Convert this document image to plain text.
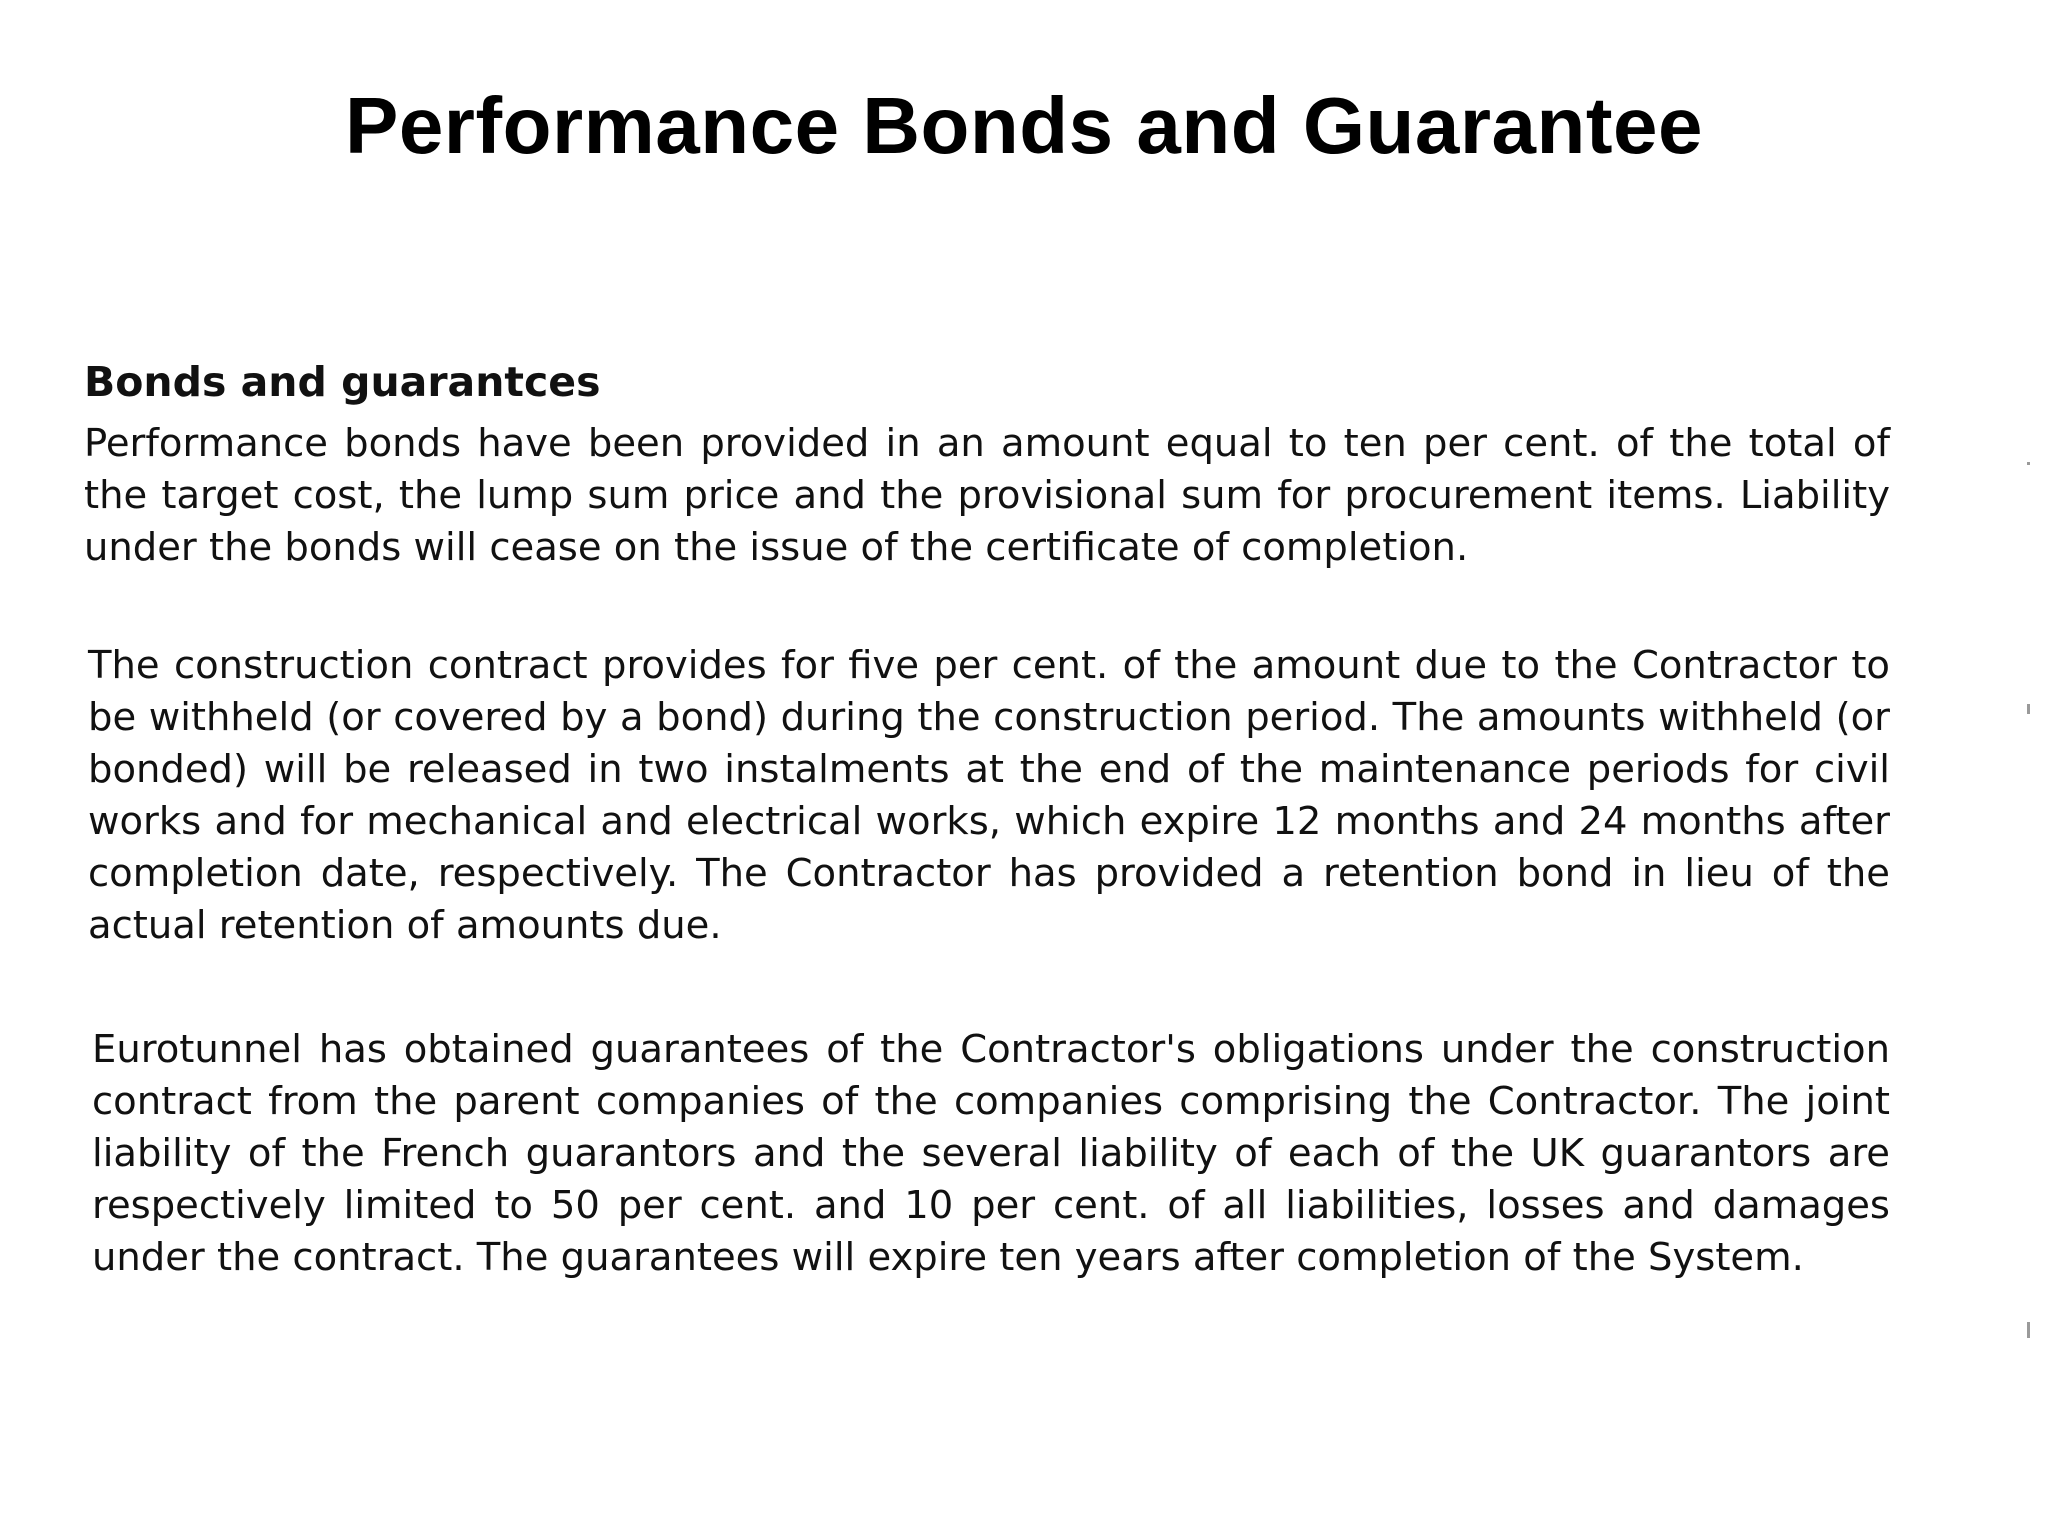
Performance Bonds and Guarantee
Bonds and guarantces

Performance bonds have been provided in an amount equal to ten per cent. of the total of the target cost, the lump sum price and the provisional sum for procurement items. Liability under the bonds will cease on the issue of the certificate of completion.

The construction contract provides for five per cent. of the amount due to the Contractor to be withheld (or covered by a bond) during the construction period. The amounts withheld (or bonded) will be released in two instalments at the end of the maintenance periods for civil works and for mechanical and electrical works, which expire 12 months and 24 months after completion date, respectively. The Contractor has provided a retention bond in lieu of the actual retention of amounts due.

Eurotunnel has obtained guarantees of the Contractor's obligations under the construction contract from the parent companies of the companies comprising the Contractor. The joint liability of the French guarantors and the several liability of each of the UK guarantors are respectively limited to 50 per cent. and 10 per cent. of all liabilities, losses and damages under the contract. The guarantees will expire ten years after completion of the System.
